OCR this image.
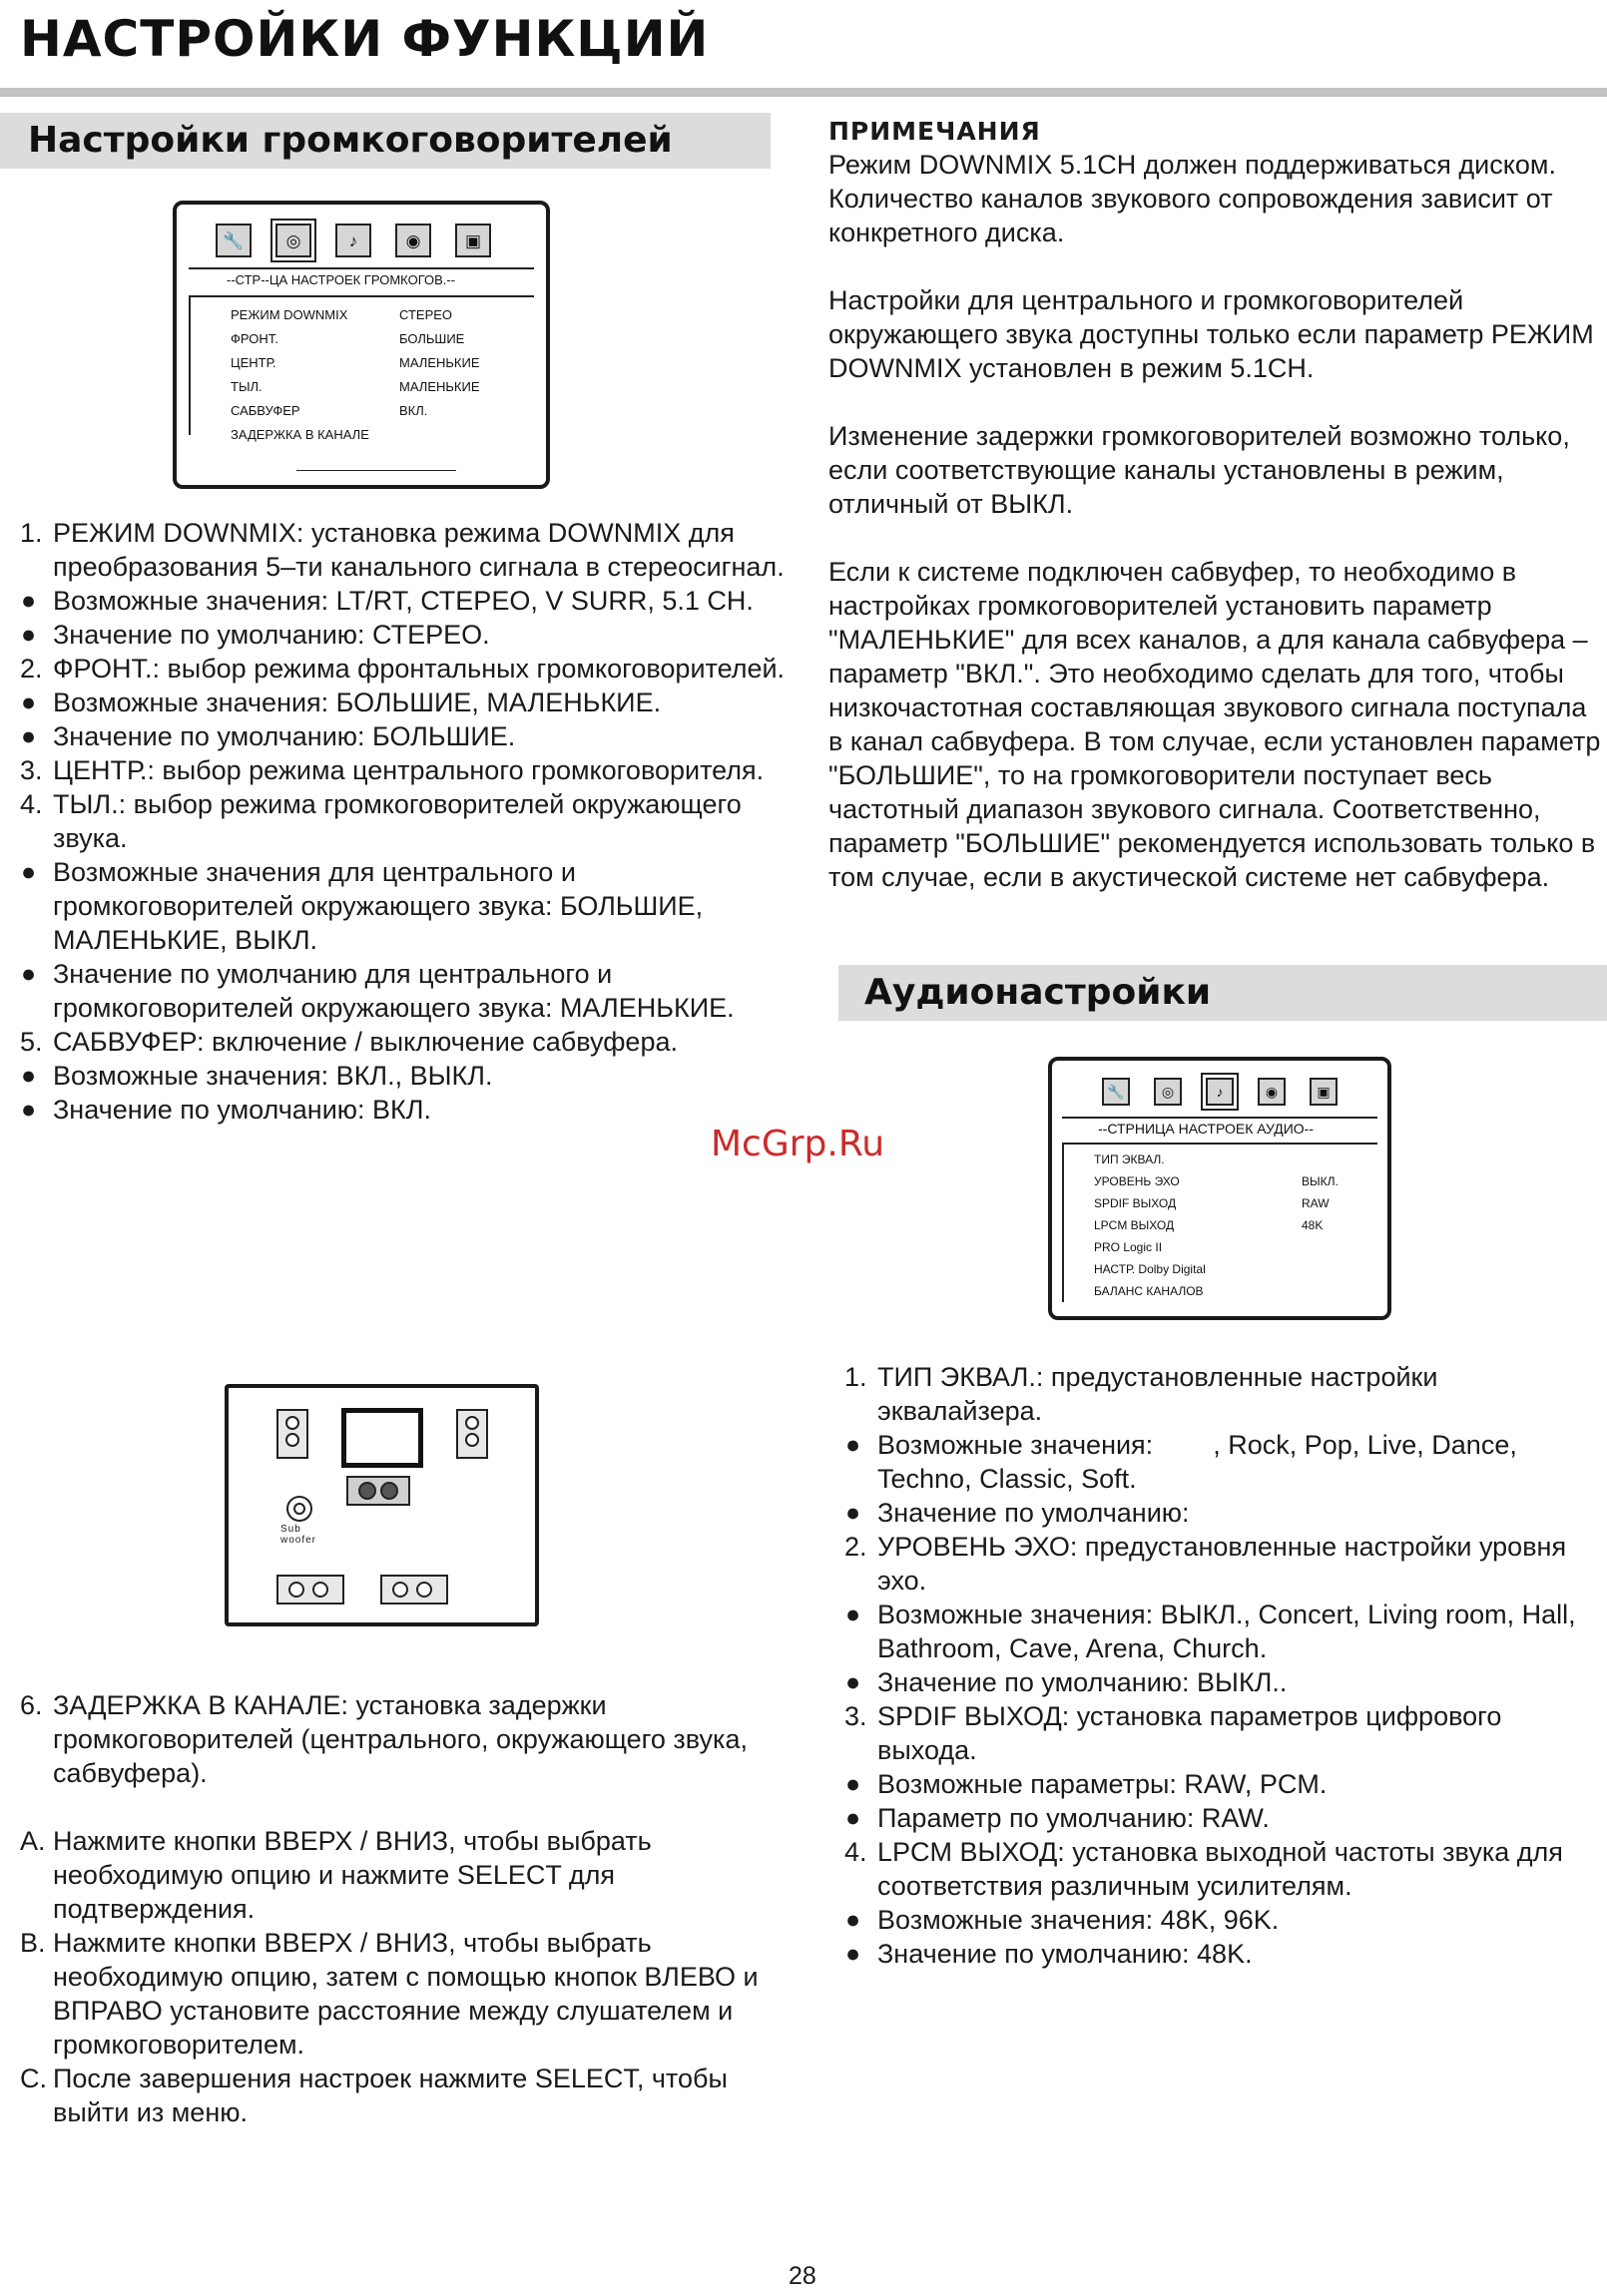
НАСТРОЙКИ ФУНКЦИЙ
Настройки громкоговорителей
🔧	◎	♪	◉	▣
--СТР--ЦА НАСТРОЕК ГРОМКОГОВ.--
РЕЖИМ DOWNMIX	СТЕРЕО
ФРОНТ.	БОЛЬШИЕ
ЦЕНТР.	МАЛЕНЬКИЕ
ТЫЛ.	МАЛЕНЬКИЕ
САБВУФЕР	ВКЛ.
ЗАДЕРЖКА В КАНАЛЕ
1. РЕЖИМ DOWNMIX: установка режима DOWNMIX для преобразования 5–ти канального сигнала в стереосигнал.
● Возможные значения: LT/RT, СТЕРЕО, V SURR, 5.1 CH.
● Значение по умолчанию: СТЕРЕО.
2. ФРОНТ.: выбор режима фронтальных громкоговорителей.
● Возможные значения: БОЛЬШИЕ, МАЛЕНЬКИЕ.
● Значение по умолчанию: БОЛЬШИЕ.
3. ЦЕНТР.: выбор режима центрального громкоговорителя.
4. ТЫЛ.: выбор режима громкоговорителей окружающего звука.
● Возможные значения для центрального и громкоговорителей окружающего звука: БОЛЬШИЕ, МАЛЕНЬКИЕ, ВЫКЛ.
● Значение по умолчанию для центрального и громкоговорителей окружающего звука: МАЛЕНЬКИЕ.
5. САБВУФЕР: включение / выключение сабвуфера.
● Возможные значения: ВКЛ., ВЫКЛ.
● Значение по умолчанию: ВКЛ.
Sub woofer
6. ЗАДЕРЖКА В КАНАЛЕ: установка задержки громкоговорителей (центрального, окружающего звука, сабвуфера).
A. Нажмите кнопки ВВЕРХ / ВНИЗ, чтобы выбрать необходимую опцию и нажмите SELECT для подтверждения.
B. Нажмите кнопки ВВЕРХ / ВНИЗ, чтобы выбрать необходимую опцию, затем с помощью кнопок ВЛЕВО и ВПРАВО установите расстояние между слушателем и громкоговорителем.
C. После завершения настроек нажмите SELECT, чтобы выйти из меню.
ПРИМЕЧАНИЯ

Режим DOWNMIX 5.1CH должен поддерживаться диском. Количество каналов звукового сопровождения зависит от конкретного диска.

Настройки для центрального и громкоговорителей окружающего звука доступны только если параметр РЕЖИМ DOWNMIX установлен в режим 5.1CH.

Изменение задержки громкоговорителей возможно только, если соответствующие каналы установлены в режим, отличный от ВЫКЛ.

Если к системе подключен сабвуфер, то необходимо в настройках громкоговорителей установить параметр "МАЛЕНЬКИЕ" для всех каналов, а для канала сабвуфера – параметр "ВКЛ.". Это необходимо сделать для того, чтобы низкочастотная составляющая звукового сигнала поступала в канал сабвуфера. В том случае, если установлен параметр "БОЛЬШИЕ", то на громкоговорители поступает весь частотный диапазон звукового сигнала. Соответственно, параметр "БОЛЬШИЕ" рекомендуется использовать только в том случае, если в акустической системе нет сабвуфера.

Аудионастройки
🔧	◎	♪	◉	▣
--СТРНИЦА НАСТРОЕК АУДИО--
ТИП ЭКВАЛ.
УРОВЕНЬ ЭХО	ВЫКЛ.
SPDIF ВЫХОД	RAW
LPCM ВЫХОД	48K
PRO Logic II
НАСТР. Dolby Digital
БАЛАНС КАНАЛОВ
1. ТИП ЭКВАЛ.: предустановленные настройки эквалайзера.
● Возможные значения:        , Rock, Pop, Live, Dance, Techno, Classic, Soft.
● Значение по умолчанию:
2. УРОВЕНЬ ЭХО: предустановленные настройки уровня эхо.
● Возможные значения: ВЫКЛ., Concert, Living room, Hall, Bathroom, Cave, Arena, Church.
● Значение по умолчанию: ВЫКЛ..
3. SPDIF ВЫХОД: установка параметров цифрового выхода.
● Возможные параметры: RAW, PCM.
● Параметр по умолчанию: RAW.
4. LPCM ВЫХОД: установка выходной частоты звука для соответствия различным усилителям.
● Возможные значения: 48K, 96K.
● Значение по умолчанию: 48K.
McGrp.Ru
28
